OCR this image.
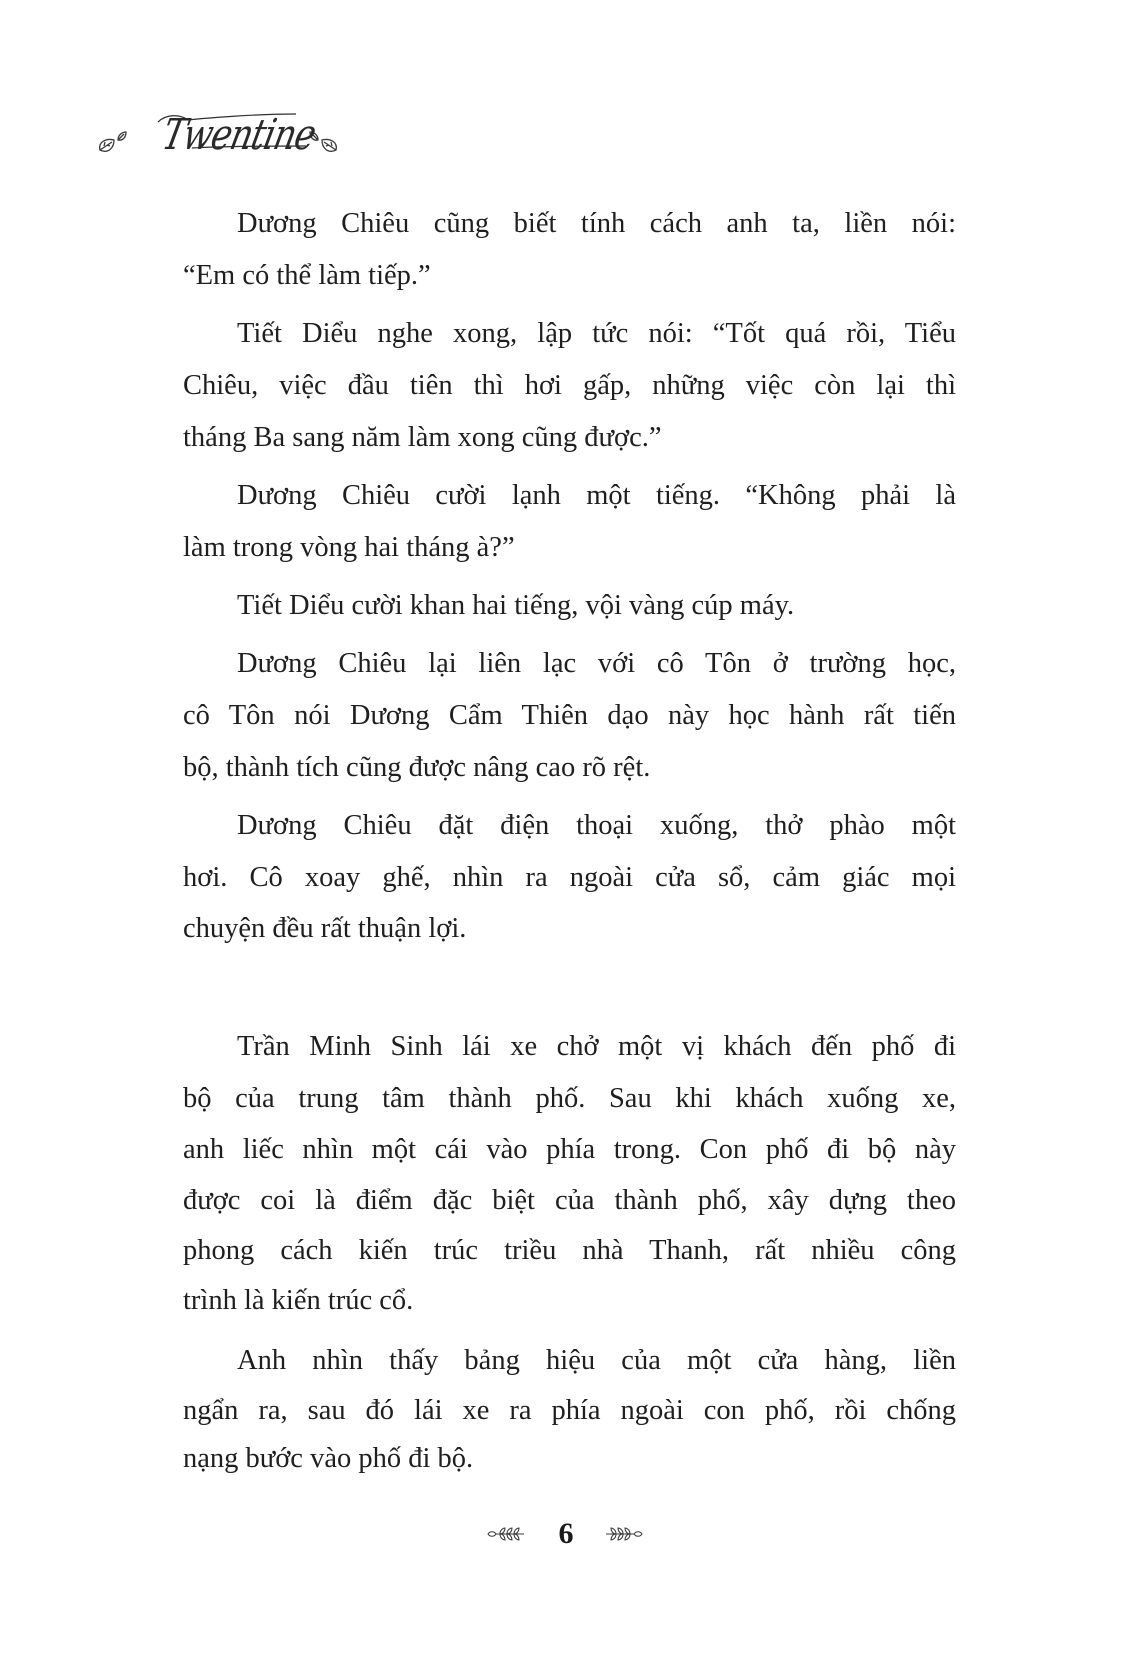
Twentine
Dương Chiêu cũng biết tính cách anh ta, liền nói:
“Em có thể làm tiếp.”
Tiết Diểu nghe xong, lập tức nói: “Tốt quá rồi, Tiểu
Chiêu, việc đầu tiên thì hơi gấp, những việc còn lại thì
tháng Ba sang năm làm xong cũng được.”
Dương Chiêu cười lạnh một tiếng. “Không phải là
làm trong vòng hai tháng à?”
Tiết Diểu cười khan hai tiếng, vội vàng cúp máy.
Dương Chiêu lại liên lạc với cô Tôn ở trường học,
cô Tôn nói Dương Cẩm Thiên dạo này học hành rất tiến
bộ, thành tích cũng được nâng cao rõ rệt.
Dương Chiêu đặt điện thoại xuống, thở phào một
hơi. Cô xoay ghế, nhìn ra ngoài cửa sổ, cảm giác mọi
chuyện đều rất thuận lợi.
Trần Minh Sinh lái xe chở một vị khách đến phố đi
bộ của trung tâm thành phố. Sau khi khách xuống xe,
anh liếc nhìn một cái vào phía trong. Con phố đi bộ này
được coi là điểm đặc biệt của thành phố, xây dựng theo
phong cách kiến trúc triều nhà Thanh, rất nhiều công
trình là kiến trúc cổ.
Anh nhìn thấy bảng hiệu của một cửa hàng, liền
ngẩn ra, sau đó lái xe ra phía ngoài con phố, rồi chống
nạng bước vào phố đi bộ.
6
